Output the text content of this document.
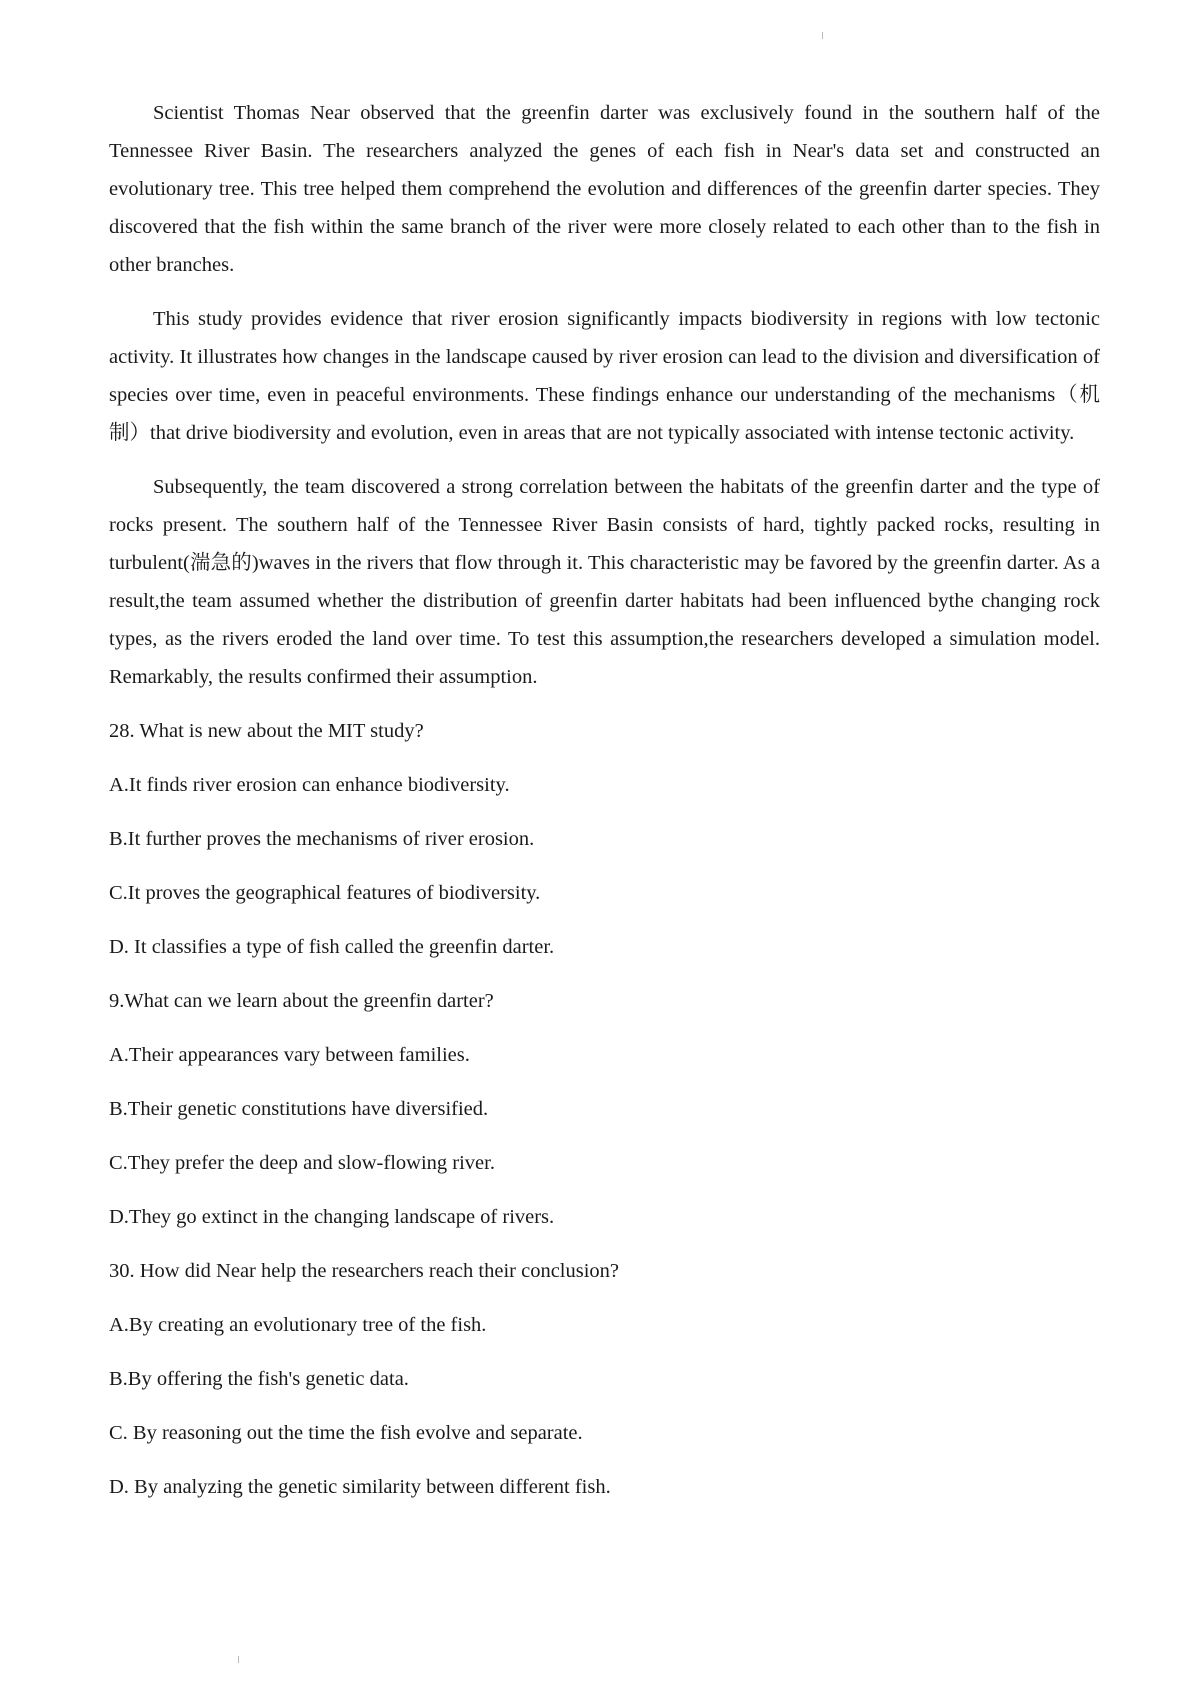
Scientist Thomas Near observed that the greenfin darter was exclusively found in the southern half of the Tennessee River Basin. The researchers analyzed the genes of each fish in Near's data set and constructed an evolutionary tree. This tree helped them comprehend the evolution and differences of the greenfin darter species. They discovered that the fish within the same branch of the river were more closely related to each other than to the fish in other branches.

This study provides evidence that river erosion significantly impacts biodiversity in regions with low tectonic activity. It illustrates how changes in the landscape caused by river erosion can lead to the division and diversification of species over time, even in peaceful environments. These findings enhance our understanding of the mechanisms（机制）that drive biodiversity and evolution, even in areas that are not typically associated with intense tectonic activity.

Subsequently, the team discovered a strong correlation between the habitats of the greenfin darter and the type of rocks present. The southern half of the Tennessee River Basin consists of hard, tightly packed rocks, resulting in turbulent(湍急的)waves in the rivers that flow through it. This characteristic may be favored by the greenfin darter. As a result,the team assumed whether the distribution of greenfin darter habitats had been influenced bythe changing rock types, as the rivers eroded the land over time. To test this assumption,the researchers developed a simulation model. Remarkably, the results confirmed their assumption.

28. What is new about the MIT study?

A.It finds river erosion can enhance biodiversity.

B.It further proves the mechanisms of river erosion.

C.It proves the geographical features of biodiversity.

D. It classifies a type of fish called the greenfin darter.

9.What can we learn about the greenfin darter?

A.Their appearances vary between families.

B.Their genetic constitutions have diversified.

C.They prefer the deep and slow-flowing river.

D.They go extinct in the changing landscape of rivers.

30. How did Near help the researchers reach their conclusion?

A.By creating an evolutionary tree of the fish.

B.By offering the fish's genetic data.

C. By reasoning out the time the fish evolve and separate.

D. By analyzing the genetic similarity between different fish.
